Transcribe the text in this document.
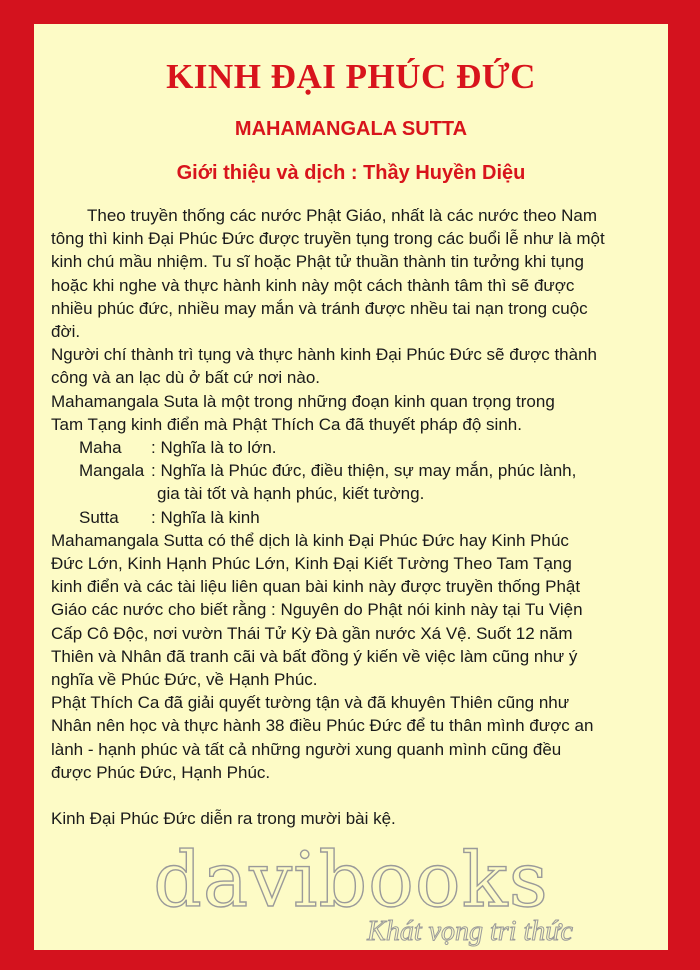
KINH ĐẠI PHÚC ĐỨC
MAHAMANGALA SUTTA
Giới thiệu và dịch : Thầy Huyền Diệu
Theo truyền thống các nước Phật Giáo, nhất là các nước theo Nam
tông thì kinh Đại Phúc Đức được truyền tụng trong các buổi lễ như là một
kinh chú mầu nhiệm. Tu sĩ hoặc Phật tử thuần thành tin tưởng khi tụng
hoặc khi nghe và thực hành kinh này một cách thành tâm thì sẽ được
nhiều phúc đức, nhiều may mắn và tránh được nhều tai nạn trong cuộc
đời.
Người chí thành trì tụng và thực hành kinh Đại Phúc Đức sẽ được thành
công và an lạc dù ở bất cứ nơi nào.
Mahamangala Suta là một trong những đoạn kinh quan trọng trong
Tam Tạng kinh điển mà Phật Thích Ca đã thuyết pháp độ sinh.
Maha : Nghĩa là to lớn.
Mangala : Nghĩa là Phúc đức, điều thiện, sự may mắn, phúc lành,
gia tài tốt và hạnh phúc, kiết tường.
Sutta : Nghĩa là kinh
Mahamangala Sutta có thể dịch là kinh Đại Phúc Đức hay Kinh Phúc
Đức Lớn, Kinh Hạnh Phúc Lớn, Kinh Đại Kiết Tường Theo Tam Tạng
kinh điển và các tài liệu liên quan bài kinh này được truyền thống Phật
Giáo các nước cho biết rằng : Nguyên do Phật nói kinh này tại Tu Viện
Cấp Cô Độc, nơi vườn Thái Tử Kỳ Đà gần nước Xá Vệ. Suốt 12 năm
Thiên và Nhân đã tranh cãi và bất đồng ý kiến về việc làm cũng như ý
nghĩa về Phúc Đức, về Hạnh Phúc.
Phật Thích Ca đã giải quyết tường tận và đã khuyên Thiên cũng như
Nhân nên học và thực hành 38 điều Phúc Đức để tu thân mình được an
lành - hạnh phúc và tất cả những người xung quanh mình cũng đều
được Phúc Đức, Hạnh Phúc.
Kinh Đại Phúc Đức diễn ra trong mười bài kệ.
davibooks
Khát vọng tri thức
